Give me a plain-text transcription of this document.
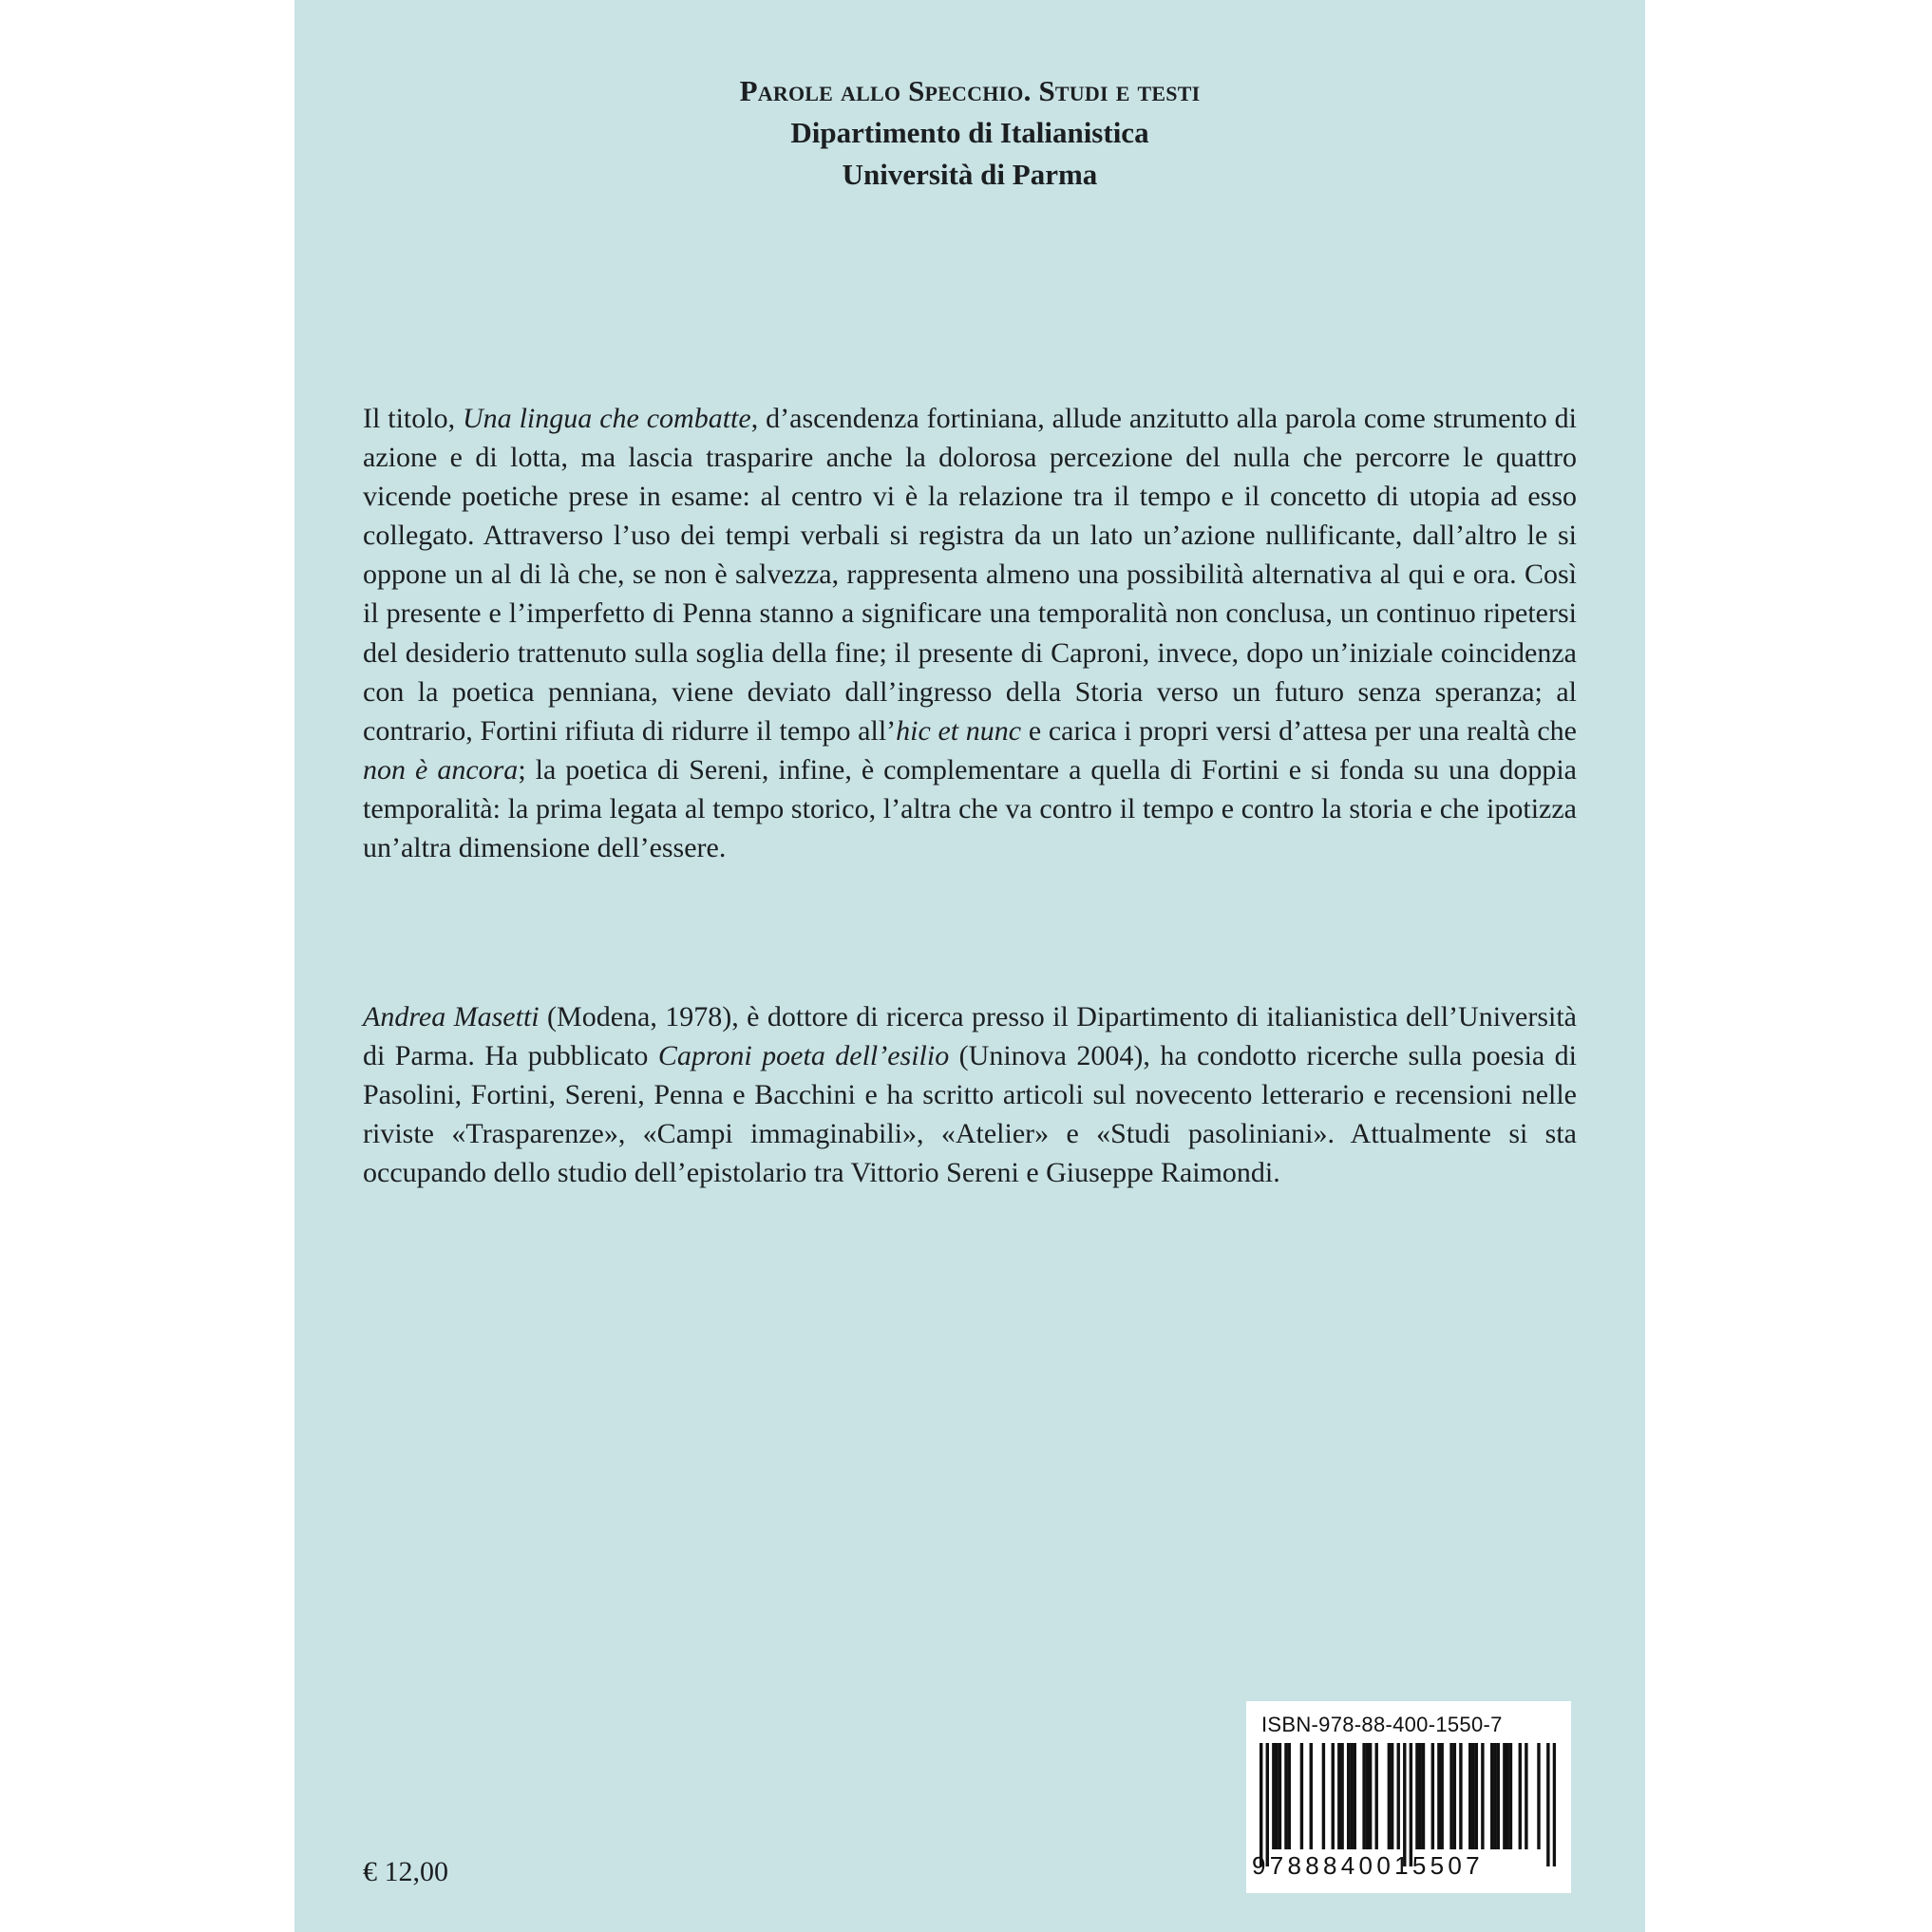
Parole allo Specchio. Studi e testi
Dipartimento di Italianistica
Università di Parma

Il titolo, Una lingua che combatte, d’ascendenza fortiniana, allude anzitutto alla parola come strumento di azione e di lotta, ma lascia trasparire anche la dolorosa percezione del nulla che percorre le quattro vicende poetiche prese in esame: al centro vi è la relazione tra il tempo e il concetto di utopia ad esso collegato. Attraverso l’uso dei tempi verbali si registra da un lato un’azione nullificante, dall’altro le si oppone un al di là che, se non è salvezza, rappresenta almeno una possibilità alternativa al qui e ora. Così il presente e l’imperfetto di Penna stanno a significare una temporalità non conclusa, un continuo ripetersi del desiderio trattenuto sulla soglia della fine; il presente di Caproni, invece, dopo un’iniziale coincidenza con la poetica penniana, viene deviato dall’ingresso della Storia verso un futuro senza speranza; al contrario, Fortini rifiuta di ridurre il tempo all’hic et nunc e carica i propri versi d’attesa per una realtà che non è ancora; la poetica di Sereni, infine, è complementare a quella di Fortini e si fonda su una doppia temporalità: la prima legata al tempo storico, l’altra che va contro il tempo e contro la storia e che ipotizza un’altra dimensione dell’essere.

Andrea Masetti (Modena, 1978), è dottore di ricerca presso il Dipartimento di italianistica dell’Università di Parma. Ha pubblicato Caproni poeta dell’esilio (Uninova 2004), ha condotto ricerche sulla poesia di Pasolini, Fortini, Sereni, Penna e Bacchini e ha scritto articoli sul novecento letterario e recensioni nelle riviste «Trasparenze», «Campi immaginabili», «Atelier» e «Studi pasoliniani». Attualmente si sta occupando dello studio dell’epistolario tra Vittorio Sereni e Giuseppe Raimondi.

ISBN-978-88-400-1550-7
9788840015507
€ 12,00
